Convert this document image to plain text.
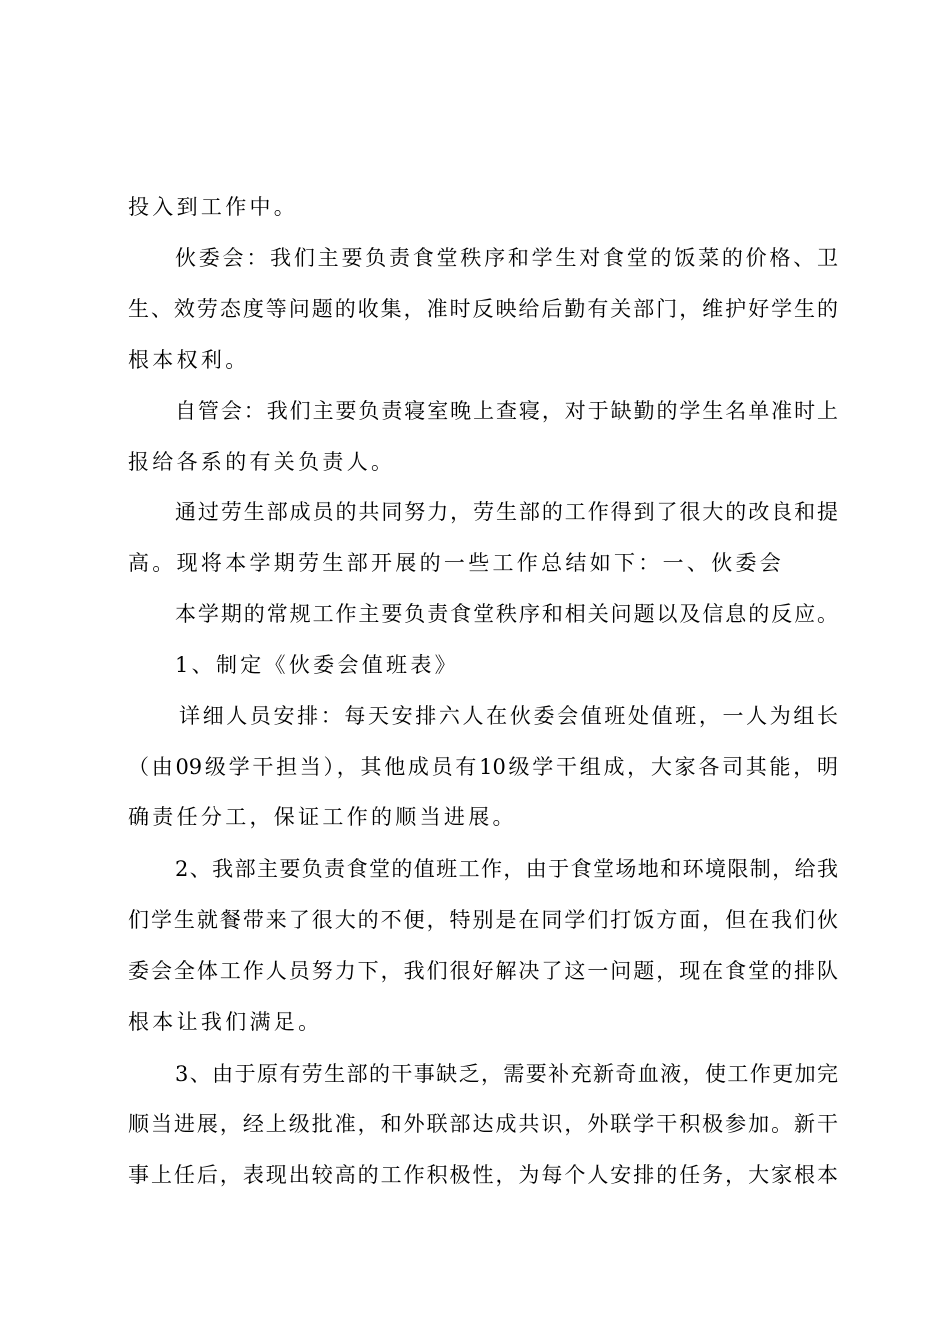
投入到工作中。
伙委会：我们主要负责食堂秩序和学生对食堂的饭菜的价格、卫
生、效劳态度等问题的收集，准时反映给后勤有关部门，维护好学生的
根本权利。
自管会：我们主要负责寝室晚上查寝，对于缺勤的学生名单准时上
报给各系的有关负责人。
通过劳生部成员的共同努力，劳生部的工作得到了很大的改良和提
高。现将本学期劳生部开展的一些工作总结如下：一、伙委会
本学期的常规工作主要负责食堂秩序和相关问题以及信息的反应。
1、制定《伙委会值班表》
详细人员安排：每天安排六人在伙委会值班处值班，一人为组长
（由09级学干担当），其他成员有10级学干组成，大家各司其能，明
确责任分工，保证工作的顺当进展。
2、我部主要负责食堂的值班工作，由于食堂场地和环境限制，给我
们学生就餐带来了很大的不便，特别是在同学们打饭方面，但在我们伙
委会全体工作人员努力下，我们很好解决了这一问题，现在食堂的排队
根本让我们满足。
3、由于原有劳生部的干事缺乏，需要补充新奇血液，使工作更加完
顺当进展，经上级批准，和外联部达成共识，外联学干积极参加。新干
事上任后，表现出较高的工作积极性，为每个人安排的任务，大家根本
